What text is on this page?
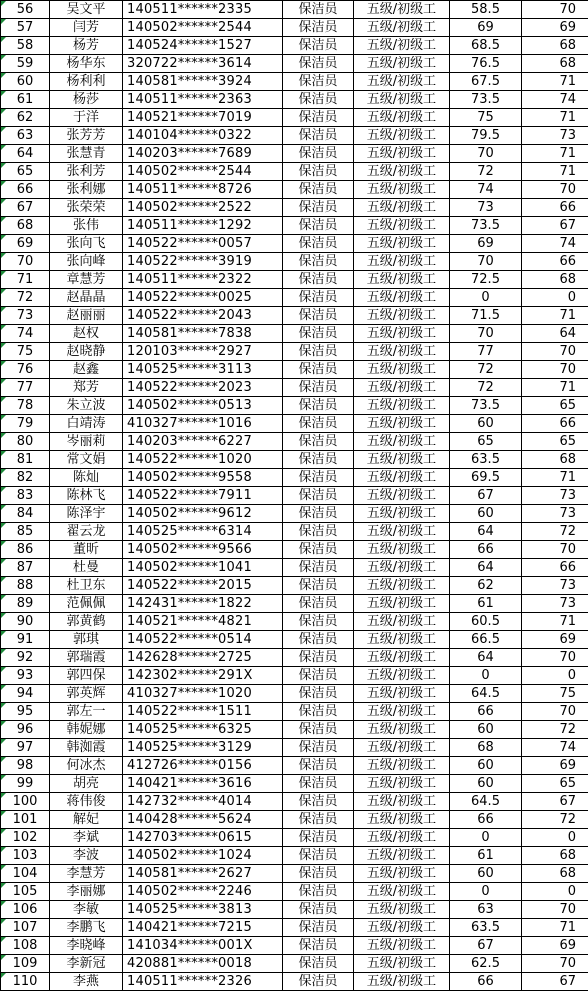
56	吴文平	140511******2335	保洁员	五级/初级工	58.5	70
57	闫芳	140502******2544	保洁员	五级/初级工	69	69
58	杨芳	140524******1527	保洁员	五级/初级工	68.5	68
59	杨华东	320722******3614	保洁员	五级/初级工	76.5	68
60	杨利利	140581******3924	保洁员	五级/初级工	67.5	71
61	杨莎	140511******2363	保洁员	五级/初级工	73.5	74
62	于洋	140521******7019	保洁员	五级/初级工	75	71
63	张芳芳	140104******0322	保洁员	五级/初级工	79.5	73
64	张慧青	140203******7689	保洁员	五级/初级工	70	71
65	张利芳	140502******2544	保洁员	五级/初级工	72	71
66	张利娜	140511******8726	保洁员	五级/初级工	74	70
67	张荣荣	140502******2522	保洁员	五级/初级工	73	66
68	张伟	140511******1292	保洁员	五级/初级工	73.5	67
69	张向飞	140522******0057	保洁员	五级/初级工	69	74
70	张向峰	140522******3919	保洁员	五级/初级工	70	66
71	章慧芳	140511******2322	保洁员	五级/初级工	72.5	68
72	赵晶晶	140522******0025	保洁员	五级/初级工	0	0
73	赵丽丽	140522******2043	保洁员	五级/初级工	71.5	71
74	赵权	140581******7838	保洁员	五级/初级工	70	64
75	赵晓静	120103******2927	保洁员	五级/初级工	77	70
76	赵鑫	140525******3113	保洁员	五级/初级工	72	70
77	郑芳	140522******2023	保洁员	五级/初级工	72	71
78	朱立波	140502******0513	保洁员	五级/初级工	73.5	65
79	白靖涛	410327******1016	保洁员	五级/初级工	60	66
80	岑丽莉	140203******6227	保洁员	五级/初级工	65	65
81	常文娟	140522******1020	保洁员	五级/初级工	63.5	68
82	陈灿	140502******9558	保洁员	五级/初级工	69.5	71
83	陈林飞	140522******7911	保洁员	五级/初级工	67	73
84	陈泽宇	140502******9612	保洁员	五级/初级工	60	73
85	翟云龙	140525******6314	保洁员	五级/初级工	64	72
86	董昕	140502******9566	保洁员	五级/初级工	66	70
87	杜曼	140502******1041	保洁员	五级/初级工	64	66
88	杜卫东	140522******2015	保洁员	五级/初级工	62	73
89	范佩佩	142431******1822	保洁员	五级/初级工	61	73
90	郭黄鹤	140521******4821	保洁员	五级/初级工	60.5	71
91	郭琪	140522******0514	保洁员	五级/初级工	66.5	69
92	郭瑞霞	142628******2725	保洁员	五级/初级工	64	70
93	郭四保	142302******291X	保洁员	五级/初级工	0	0
94	郭英辉	410327******1020	保洁员	五级/初级工	64.5	75
95	郭左一	140522******1511	保洁员	五级/初级工	66	70
96	韩妮娜	140525******6325	保洁员	五级/初级工	60	72
97	韩洳霞	140525******3129	保洁员	五级/初级工	68	74
98	何冰杰	412726******0156	保洁员	五级/初级工	60	69
99	胡亮	140421******3616	保洁员	五级/初级工	60	65
100	蒋伟俊	142732******4014	保洁员	五级/初级工	64.5	67
101	解妃	140428******5624	保洁员	五级/初级工	66	72
102	李斌	142703******0615	保洁员	五级/初级工	0	0
103	李波	140502******1024	保洁员	五级/初级工	61	68
104	李慧芳	140581******2627	保洁员	五级/初级工	60	68
105	李丽娜	140502******2246	保洁员	五级/初级工	0	0
106	李敏	140525******3813	保洁员	五级/初级工	63	70
107	李鹏飞	140421******7215	保洁员	五级/初级工	63.5	71
108	李晓峰	141034******001X	保洁员	五级/初级工	67	69
109	李新冠	420881******0018	保洁员	五级/初级工	62.5	70
110	李燕	140511******2326	保洁员	五级/初级工	66	67
